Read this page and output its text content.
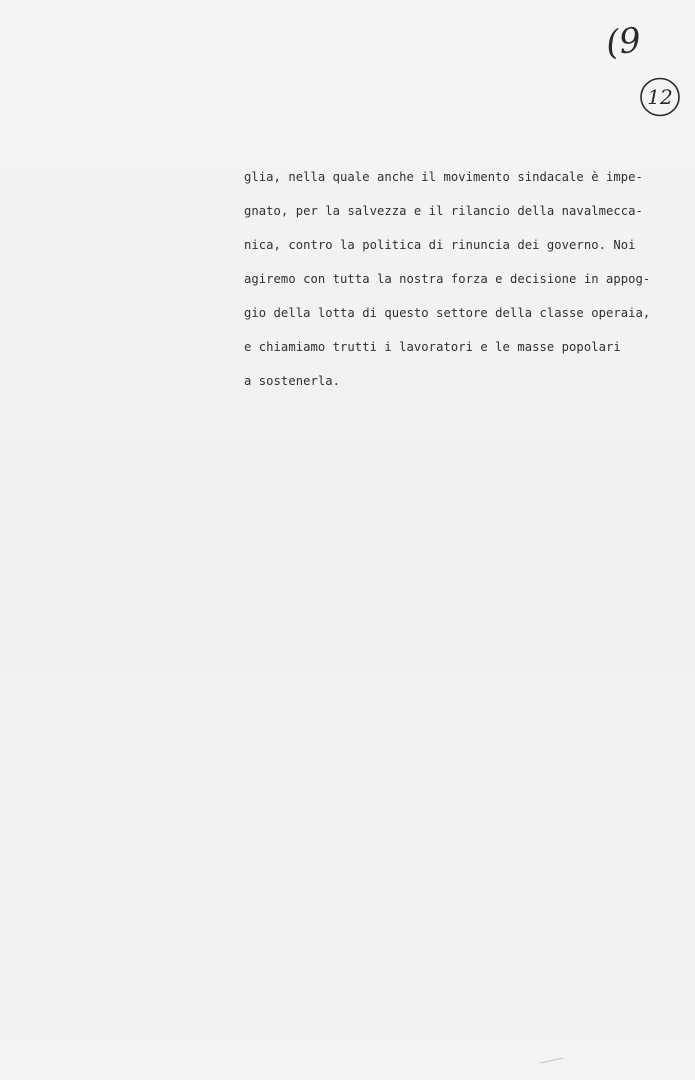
(9
12
glia, nella quale anche il movimento sindacale è impe-
gnato, per la salvezza e il rilancio della navalmecca-
nica, contro la politica di rinuncia dei governo. Noi
agiremo con tutta la nostra forza e decisione in appog-
gio della lotta di questo settore della classe operaia,
e chiamiamo trutti i lavoratori e le masse popolari
a sostenerla.
